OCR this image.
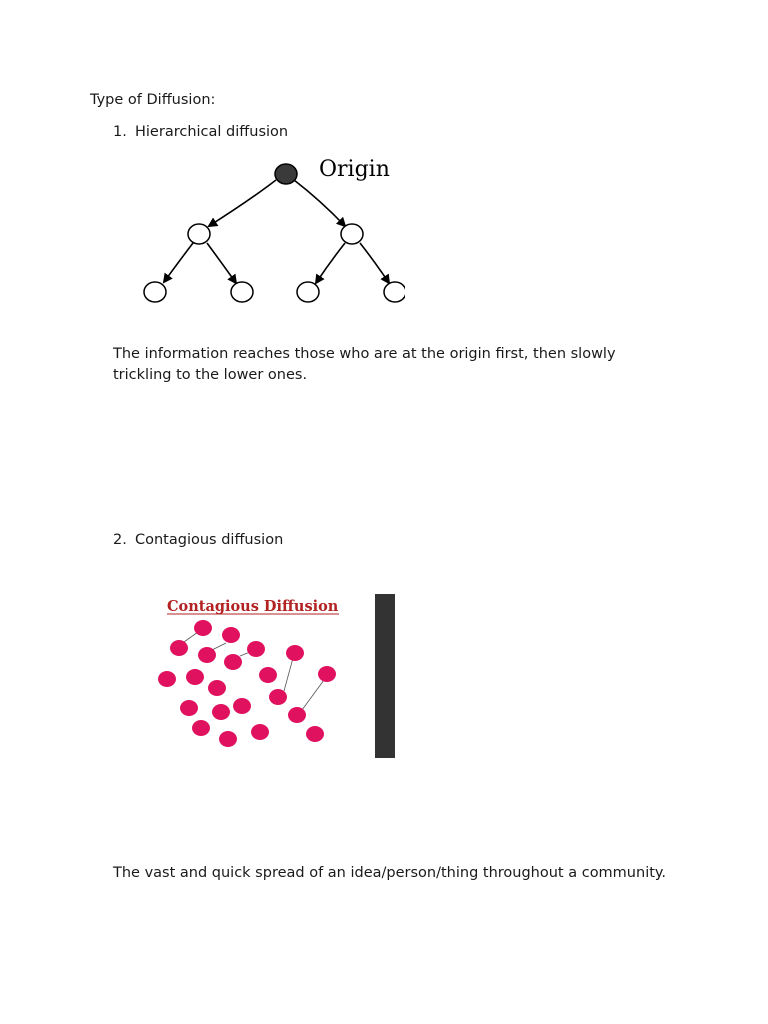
Type of Diffusion:
1. Hierarchical diffusion
Origin
The information reaches those who are at the origin first, then slowly trickling to the lower ones.
2. Contagious diffusion
Contagious Diffusion
The vast and quick spread of an idea/person/thing throughout a community.
